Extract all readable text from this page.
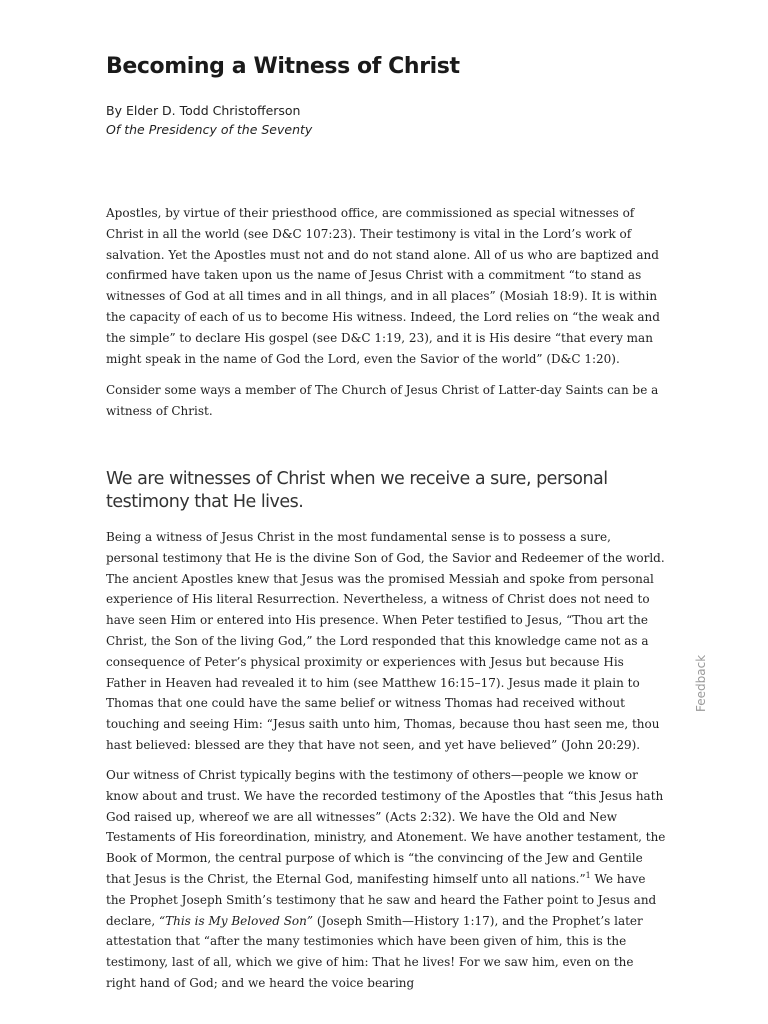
Becoming a Witness of Christ
By Elder D. Todd Christofferson
Of the Presidency of the Seventy

Apostles, by virtue of their priesthood office, are commissioned as special witnesses of Christ in all the world (see D&C 107:23). Their testimony is vital in the Lord’s work of salvation. Yet the Apostles must not and do not stand alone. All of us who are baptized and confirmed have taken upon us the name of Jesus Christ with a commitment “to stand as witnesses of God at all times and in all things, and in all places” (Mosiah 18:9). It is within the capacity of each of us to become His witness. Indeed, the Lord relies on “the weak and the simple” to declare His gospel (see D&C 1:19, 23), and it is His desire “that every man might speak in the name of God the Lord, even the Savior of the world” (D&C 1:20).

Consider some ways a member of The Church of Jesus Christ of Latter-day Saints can be a witness of Christ.

We are witnesses of Christ when we receive a sure, personal testimony that He lives.

Being a witness of Jesus Christ in the most fundamental sense is to possess a sure, personal testimony that He is the divine Son of God, the Savior and Redeemer of the world. The ancient Apostles knew that Jesus was the promised Messiah and spoke from personal experience of His literal Resurrection. Nevertheless, a witness of Christ does not need to have seen Him or entered into His presence. When Peter testified to Jesus, “Thou art the Christ, the Son of the living God,” the Lord responded that this knowledge came not as a consequence of Peter’s physical proximity or experiences with Jesus but because His Father in Heaven had revealed it to him (see Matthew 16:15–17). Jesus made it plain to Thomas that one could have the same belief or witness Thomas had received without touching and seeing Him: “Jesus saith unto him, Thomas, because thou hast seen me, thou hast believed: blessed are they that have not seen, and yet have believed” (John 20:29).

Our witness of Christ typically begins with the testimony of others—people we know or know about and trust. We have the recorded testimony of the Apostles that “this Jesus hath God raised up, whereof we are all witnesses” (Acts 2:32). We have the Old and New Testaments of His foreordination, ministry, and Atonement. We have another testament, the Book of Mormon, the central purpose of which is “the convincing of the Jew and Gentile that Jesus is the Christ, the Eternal God, manifesting himself unto all nations.”$^1$ We have the Prophet Joseph Smith’s testimony that he saw and heard the Father point to Jesus and declare, “This is My Beloved Son” (Joseph Smith—History 1:17), and the Prophet’s later attestation that “after the many testimonies which have been given of him, this is the testimony, last of all, which we give of him: That he lives! For we saw him, even on the right hand of God; and we heard the voice bearing

Feedback
